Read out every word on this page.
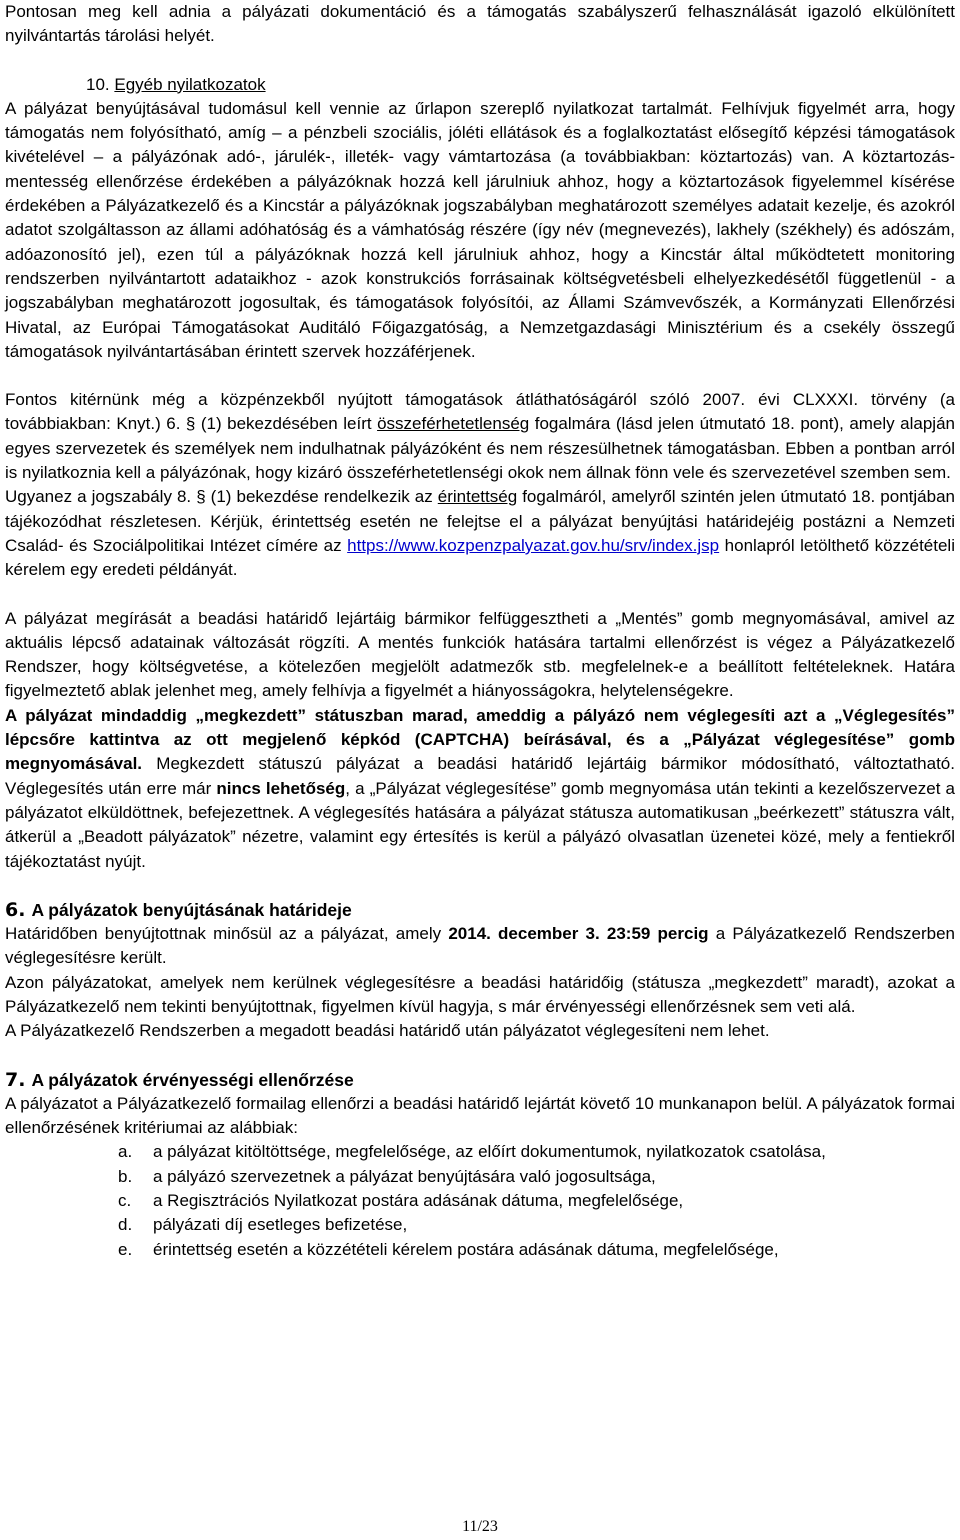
Pontosan meg kell adnia a pályázati dokumentáció és a támogatás szabályszerű felhasználását igazoló elkülönített nyilvántartás tárolási helyét.

10. Egyéb nyilatkozatok

A pályázat benyújtásával tudomásul kell vennie az űrlapon szereplő nyilatkozat tartalmát. Felhívjuk figyelmét arra, hogy támogatás nem folyósítható, amíg – a pénzbeli szociális, jóléti ellátások és a foglalkoztatást elősegítő képzési támogatások kivételével – a pályázónak adó-, járulék-, illeték- vagy vámtartozása (a továbbiakban: köztartozás) van. A köztartozás-mentesség ellenőrzése érdekében a pályázóknak hozzá kell járulniuk ahhoz, hogy a köztartozások figyelemmel kísérése érdekében a Pályázatkezelő és a Kincstár a pályázóknak jogszabályban meghatározott személyes adatait kezelje, és azokról adatot szolgáltasson az állami adóhatóság és a vámhatóság részére (így név (megnevezés), lakhely (székhely) és adószám, adóazonosító jel), ezen túl a pályázóknak hozzá kell járulniuk ahhoz, hogy a Kincstár által működtetett monitoring rendszerben nyilvántartott adataikhoz - azok konstrukciós forrásainak költségvetésbeli elhelyezkedésétől függetlenül - a jogszabályban meghatározott jogosultak, és támogatások folyósítói, az Állami Számvevőszék, a Kormányzati Ellenőrzési Hivatal, az Európai Támogatásokat Auditáló Főigazgatóság, a Nemzetgazdasági Minisztérium és a csekély összegű támogatások nyilvántartásában érintett szervek hozzáférjenek.

Fontos kitérnünk még a közpénzekből nyújtott támogatások átláthatóságáról szóló 2007. évi CLXXXI. törvény (a továbbiakban: Knyt.) 6. § (1) bekezdésében leírt összeférhetetlenség fogalmára (lásd jelen útmutató 18. pont), amely alapján egyes szervezetek és személyek nem indulhatnak pályázóként és nem részesülhetnek támogatásban. Ebben a pontban arról is nyilatkoznia kell a pályázónak, hogy kizáró összeférhetetlenségi okok nem állnak fönn vele és szervezetével szemben sem.

Ugyanez a jogszabály 8. § (1) bekezdése rendelkezik az érintettség fogalmáról, amelyről szintén jelen útmutató 18. pontjában tájékozódhat részletesen. Kérjük, érintettség esetén ne felejtse el a pályázat benyújtási határidejéig postázni a Nemzeti Család- és Szociálpolitikai Intézet címére az https://www.kozpenzpalyazat.gov.hu/srv/index.jsp honlapról letölthető közzétételi kérelem egy eredeti példányát.

A pályázat megírását a beadási határidő lejártáig bármikor felfüggesztheti a „Mentés” gomb megnyomásával, amivel az aktuális lépcső adatainak változását rögzíti. A mentés funkciók hatására tartalmi ellenőrzést is végez a Pályázatkezelő Rendszer, hogy költségvetése, a kötelezően megjelölt adatmezők stb. megfelelnek-e a beállított feltételeknek. Határa figyelmeztető ablak jelenhet meg, amely felhívja a figyelmét a hiányosságokra, helytelenségekre.

A pályázat mindaddig „megkezdett” státuszban marad, ameddig a pályázó nem véglegesíti azt a „Véglegesítés” lépcsőre kattintva az ott megjelenő képkód (CAPTCHA) beírásával, és a „Pályázat véglegesítése” gomb megnyomásával. Megkezdett státuszú pályázat a beadási határidő lejártáig bármikor módosítható, változtatható. Véglegesítés után erre már nincs lehetőség, a „Pályázat véglegesítése” gomb megnyomása után tekinti a kezelőszervezet a pályázatot elküldöttnek, befejezettnek. A véglegesítés hatására a pályázat státusza automatikusan „beérkezett” státuszra vált, átkerül a „Beadott pályázatok” nézetre, valamint egy értesítés is kerül a pályázó olvasatlan üzenetei közé, mely a fentiekről tájékoztatást nyújt.

6. A pályázatok benyújtásának határideje

Határidőben benyújtottnak minősül az a pályázat, amely 2014. december 3. 23:59 percig a Pályázatkezelő Rendszerben véglegesítésre került.

Azon pályázatokat, amelyek nem kerülnek véglegesítésre a beadási határidőig (státusza „megkezdett” maradt), azokat a Pályázatkezelő nem tekinti benyújtottnak, figyelmen kívül hagyja, s már érvényességi ellenőrzésnek sem veti alá.

A Pályázatkezelő Rendszerben a megadott beadási határidő után pályázatot véglegesíteni nem lehet.

7. A pályázatok érvényességi ellenőrzése

A pályázatot a Pályázatkezelő formailag ellenőrzi a beadási határidő lejártát követő 10 munkanapon belül. A pályázatok formai ellenőrzésének kritériumai az alábbiak:

a. a pályázat kitöltöttsége, megfelelősége, az előírt dokumentumok, nyilatkozatok csatolása,
b. a pályázó szervezetnek a pályázat benyújtására való jogosultsága,
c. a Regisztrációs Nyilatkozat postára adásának dátuma, megfelelősége,
d. pályázati díj esetleges befizetése,
e. érintettség esetén a közzétételi kérelem postára adásának dátuma, megfelelősége,
11/23
